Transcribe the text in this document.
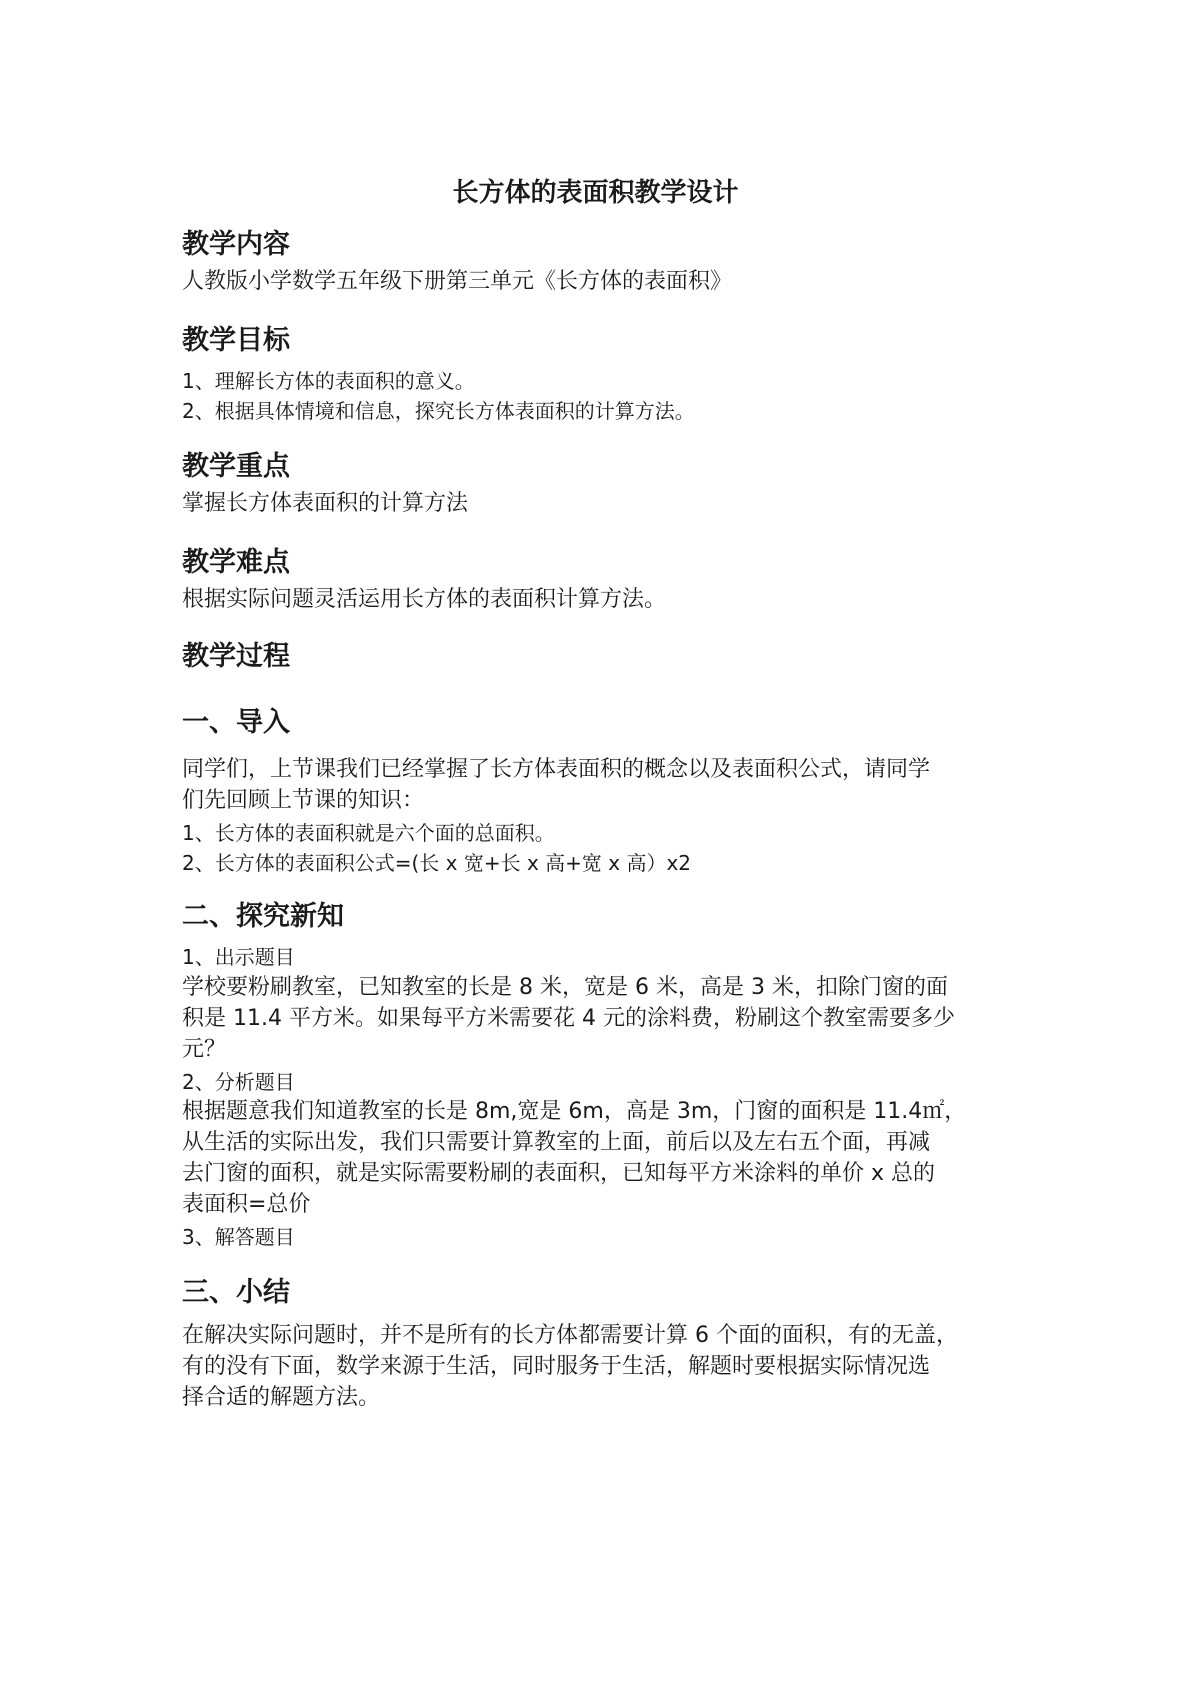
长方体的表面积教学设计
教学内容
人教版小学数学五年级下册第三单元《长方体的表面积》
教学目标
1、理解长方体的表面积的意义。
2、根据具体情境和信息，探究长方体表面积的计算方法。
教学重点
掌握长方体表面积的计算方法
教学难点
根据实际问题灵活运用长方体的表面积计算方法。
教学过程
一、导入
同学们，上节课我们已经掌握了长方体表面积的概念以及表面积公式，请同学
们先回顾上节课的知识：
1、长方体的表面积就是六个面的总面积。
2、长方体的表面积公式=(长 x 宽+长 x 高+宽 x 高）x2
二、探究新知
1、出示题目
学校要粉刷教室，已知教室的长是 8 米，宽是 6 米，高是 3 米，扣除门窗的面
积是 11.4 平方米。如果每平方米需要花 4 元的涂料费，粉刷这个教室需要多少
元？
2、分析题目
根据题意我们知道教室的长是 8m,宽是 6m，高是 3m，门窗的面积是 11.4㎡，
从生活的实际出发，我们只需要计算教室的上面，前后以及左右五个面，再减
去门窗的面积，就是实际需要粉刷的表面积，已知每平方米涂料的单价 x 总的
表面积=总价
3、解答题目
三、小结
在解决实际问题时，并不是所有的长方体都需要计算 6 个面的面积，有的无盖，
有的没有下面，数学来源于生活，同时服务于生活，解题时要根据实际情况选
择合适的解题方法。
